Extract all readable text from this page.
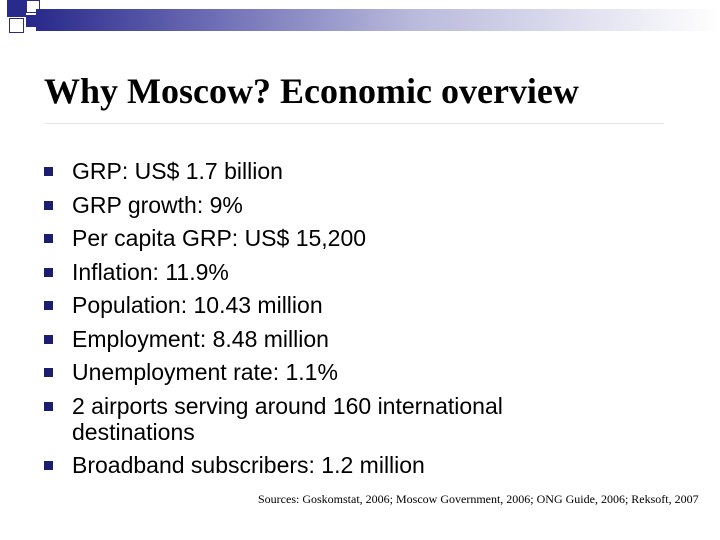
Why Moscow? Economic overview
GRP: US$ 1.7 billion
GRP growth: 9%
Per capita GRP: US$ 15,200
Inflation: 11.9%
Population: 10.43 million
Employment: 8.48 million
Unemployment rate: 1.1%
2 airports serving around 160 international destinations
Broadband subscribers: 1.2 million

Sources: Goskomstat, 2006; Moscow Government, 2006; ONG Guide, 2006; Reksoft, 2007
